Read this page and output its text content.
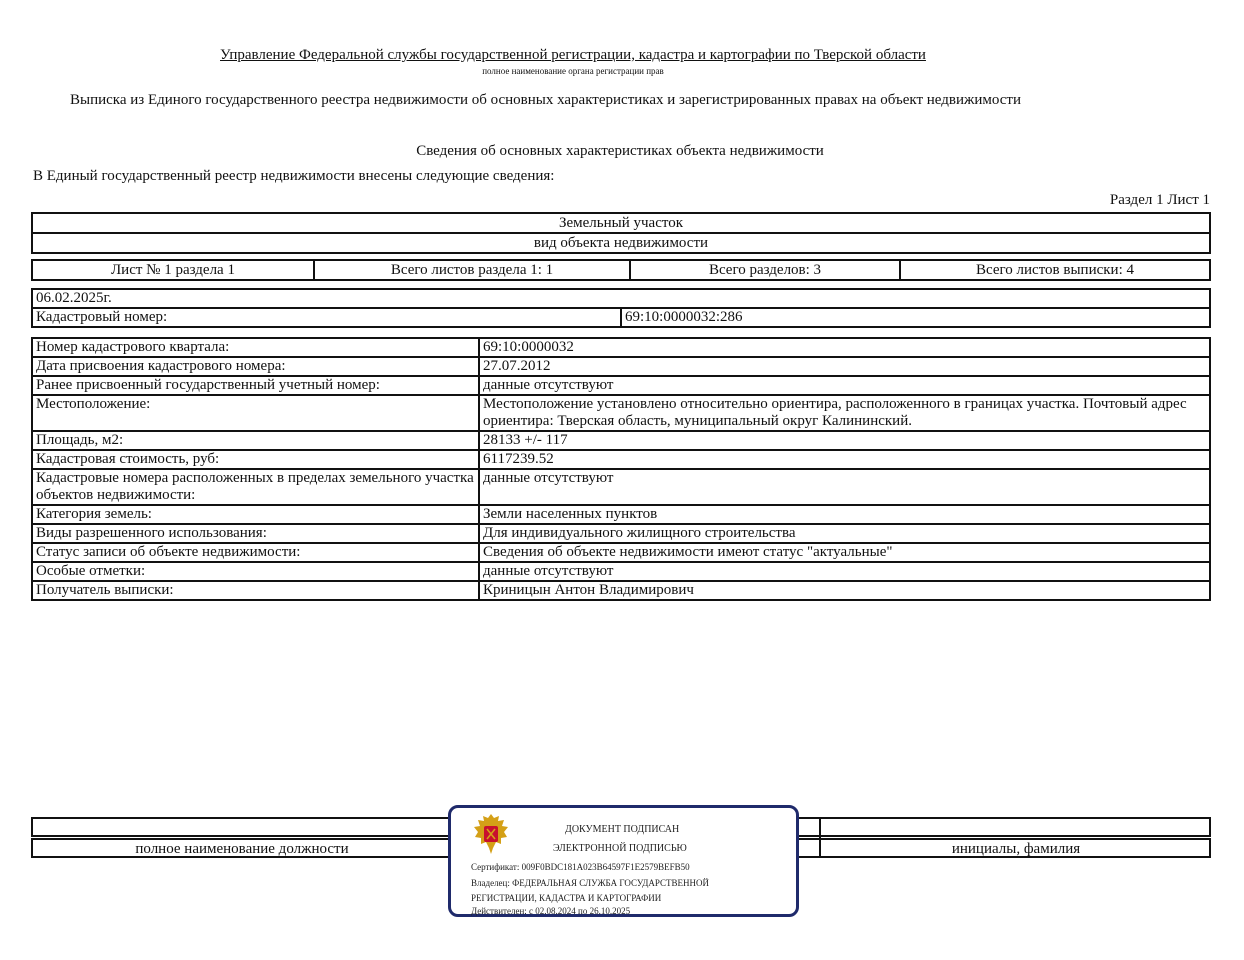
Управление Федеральной службы государственной регистрации, кадастра и картографии по Тверской области
полное наименование органа регистрации прав
Выписка из Единого государственного реестра недвижимости об основных характеристиках и зарегистрированных правах на объект недвижимости
Сведения об основных характеристиках объекта недвижимости
В Единый государственный реестр недвижимости внесены следующие сведения:
Раздел 1 Лист 1
Земельный участок
вид объекта недвижимости
Лист № 1 раздела 1	Всего листов раздела 1: 1	Всего разделов: 3	Всего листов выписки: 4
06.02.2025г.
Кадастровый номер:	69:10:0000032:286
Номер кадастрового квартала:	69:10:0000032
Дата присвоения кадастрового номера:	27.07.2012
Ранее присвоенный государственный учетный номер:	данные отсутствуют
Местоположение:	Местоположение установлено относительно ориентира, расположенного в границах участка. Почтовый адрес ориентира: Тверская область, муниципальный округ Калининский.
Площадь, м2:	28133 +/- 117
Кадастровая стоимость, руб:	6117239.52
Кадастровые номера расположенных в пределах земельного участка объектов недвижимости:	данные отсутствуют
Категория земель:	Земли населенных пунктов
Виды разрешенного использования:	Для индивидуального жилищного строительства
Статус записи об объекте недвижимости:	Сведения об объекте недвижимости имеют статус "актуальные"
Особые отметки:	данные отсутствуют
Получатель выписки:	Криницын Антон Владимирович
полное наименование должности	инициалы, фамилия
ДОКУМЕНТ ПОДПИСАН
ЭЛЕКТРОННОЙ ПОДПИСЬЮ
Сертификат: 009F0BDC181A023B64597F1E2579BEFB50
Владелец: ФЕДЕРАЛЬНАЯ СЛУЖБА ГОСУДАРСТВЕННОЙ
РЕГИСТРАЦИИ, КАДАСТРА И КАРТОГРАФИИ
Действителен: с 02.08.2024 по 26.10.2025
